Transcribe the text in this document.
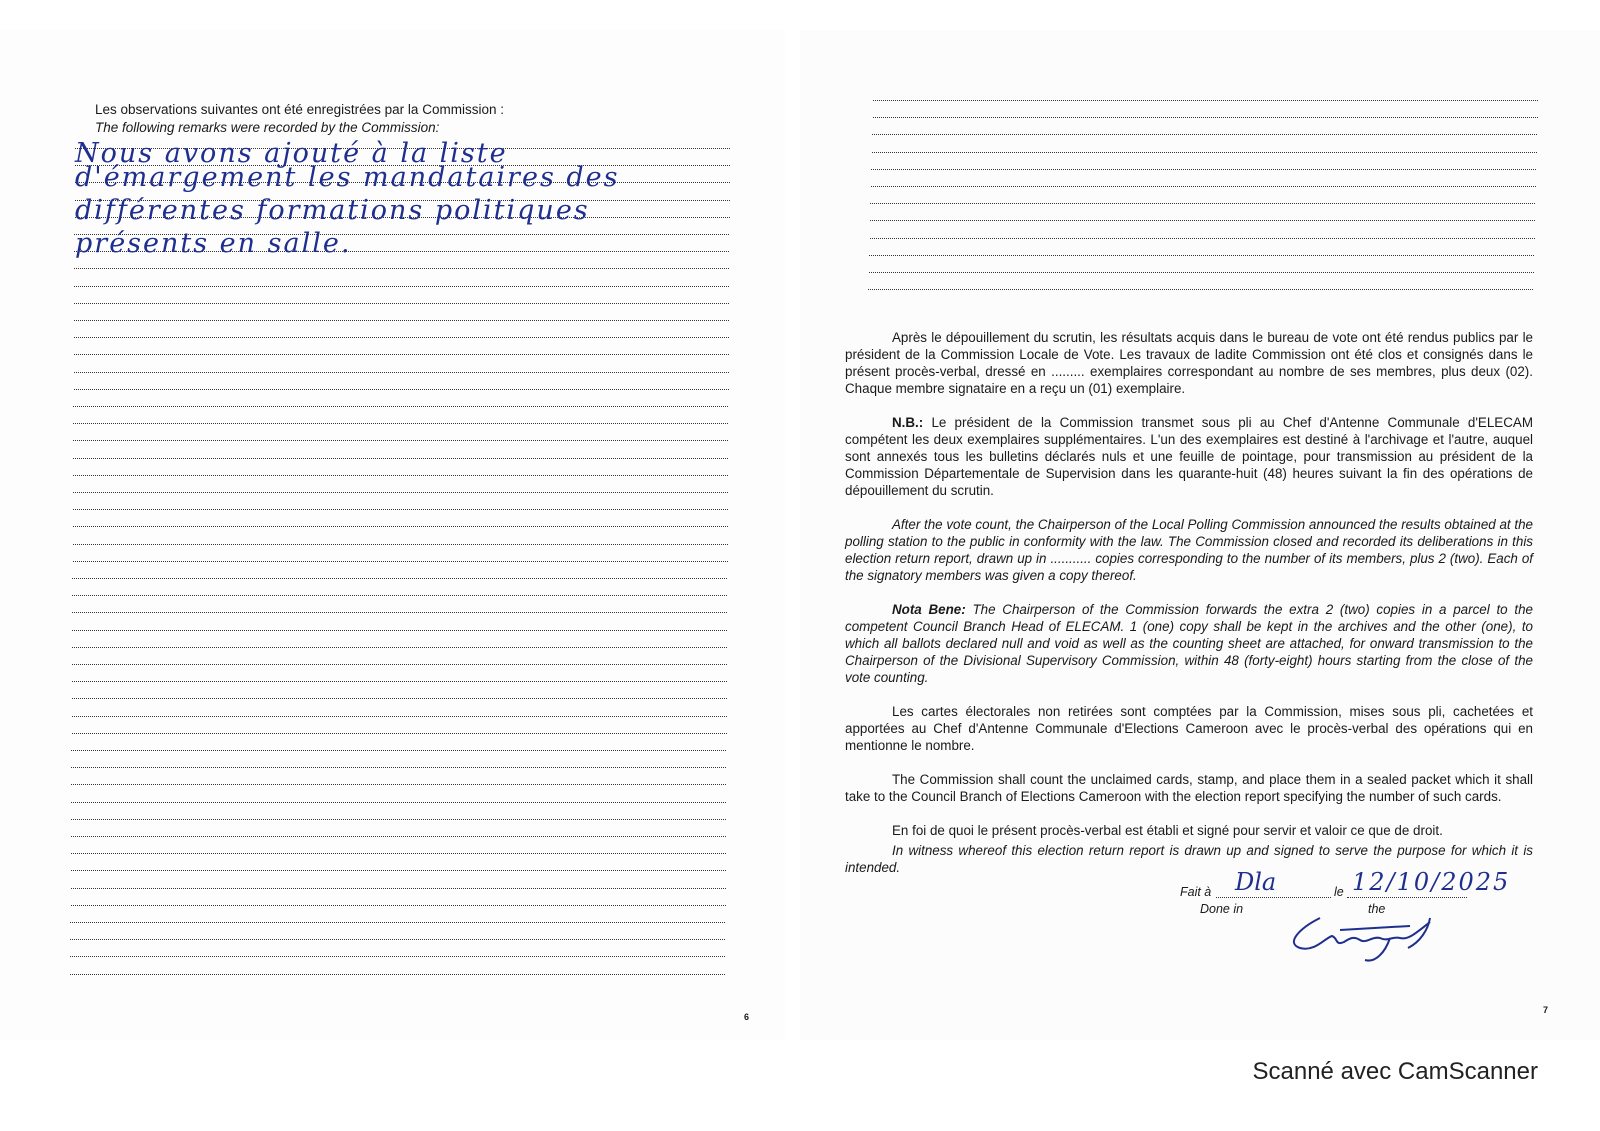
Les observations suivantes ont été enregistrées par la Commission :
The following remarks were recorded by the Commission:
Nous avons ajouté à la liste
d'émargement les mandataires des
différentes formations politiques
présents en salle.
6

Après le dépouillement du scrutin, les résultats acquis dans le bureau de vote ont été rendus publics par le président de la Commission Locale de Vote. Les travaux de ladite Commission ont été clos et consignés dans le présent procès-verbal, dressé en ......... exemplaires correspondant au nombre de ses membres, plus deux (02). Chaque membre signataire en a reçu un (01) exemplaire.

N.B.: Le président de la Commission transmet sous pli au Chef d'Antenne Communale d'ELECAM compétent les deux exemplaires supplémentaires. L'un des exemplaires est destiné à l'archivage et l'autre, auquel sont annexés tous les bulletins déclarés nuls et une feuille de pointage, pour transmission au président de la Commission Départementale de Supervision dans les quarante-huit (48) heures suivant la fin des opérations de dépouillement du scrutin.

After the vote count, the Chairperson of the Local Polling Commission announced the results obtained at the polling station to the public in conformity with the law. The Commission closed and recorded its deliberations in this election return report, drawn up in ........... copies corresponding to the number of its members, plus 2 (two). Each of the signatory members was given a copy thereof.

Nota Bene: The Chairperson of the Commission forwards the extra 2 (two) copies in a parcel to the competent Council Branch Head of ELECAM. 1 (one) copy shall be kept in the archives and the other (one), to which all ballots declared null and void as well as the counting sheet are attached, for onward transmission to the Chairperson of the Divisional Supervisory Commission, within 48 (forty-eight) hours starting from the close of the vote counting.

Les cartes électorales non retirées sont comptées par la Commission, mises sous pli, cachetées et apportées au Chef d'Antenne Communale d'Elections Cameroon avec le procès-verbal des opérations qui en mentionne le nombre.

The Commission shall count the unclaimed cards, stamp, and place them in a sealed packet which it shall take to the Council Branch of Elections Cameroon with the election report specifying the number of such cards.

En foi de quoi le présent procès-verbal est établi et signé pour servir et valoir ce que de droit.

In witness whereof this election return report is drawn up and signed to serve the purpose for which it is intended.

Fait à Dla	le 12/10/2025
Done in	the
7
Scanné avec CamScanner
